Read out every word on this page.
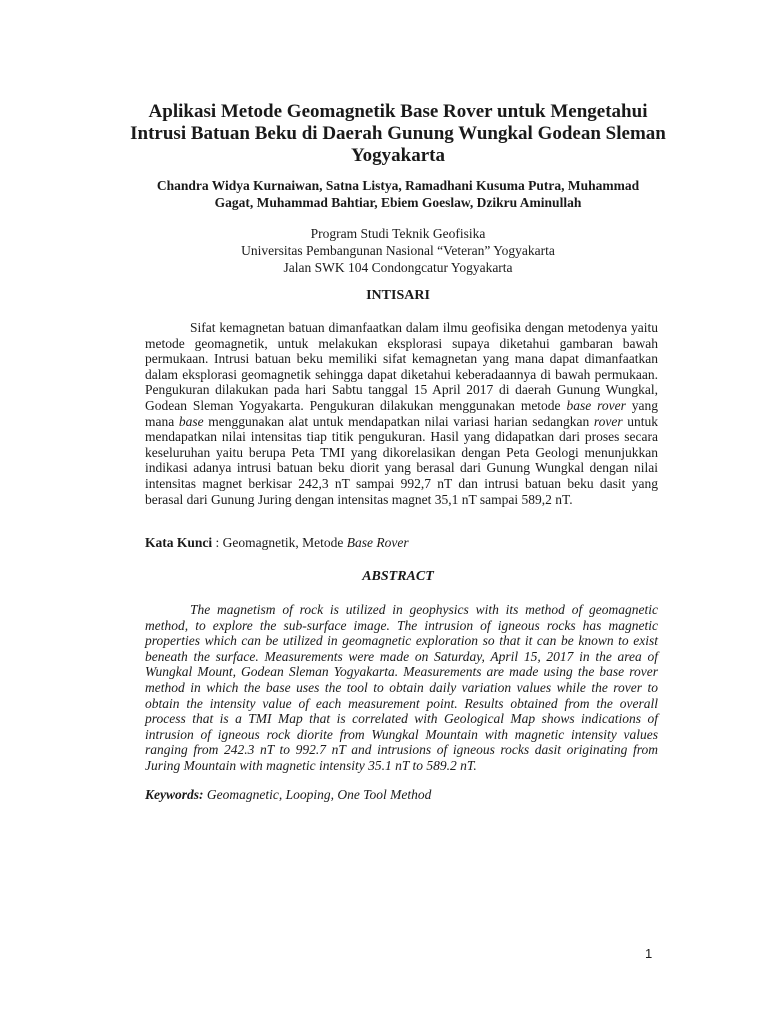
Aplikasi Metode Geomagnetik Base Rover untuk Mengetahui
Intrusi Batuan Beku di Daerah Gunung Wungkal Godean Sleman
Yogyakarta
Chandra Widya Kurnaiwan, Satna Listya, Ramadhani Kusuma Putra, Muhammad
Gagat, Muhammad Bahtiar, Ebiem Goeslaw, Dzikru Aminullah
Program Studi Teknik Geofisika
Universitas Pembangunan Nasional “Veteran” Yogyakarta
Jalan SWK 104 Condongcatur Yogyakarta
INTISARI
Sifat kemagnetan batuan dimanfaatkan dalam ilmu geofisika dengan metodenya yaitu metode geomagnetik, untuk melakukan eksplorasi supaya diketahui gambaran bawah permukaan. Intrusi batuan beku memiliki sifat kemagnetan yang mana dapat dimanfaatkan dalam eksplorasi geomagnetik sehingga dapat diketahui keberadaannya di bawah permukaan. Pengukuran dilakukan pada hari Sabtu tanggal 15 April 2017 di daerah Gunung Wungkal, Godean Sleman Yogyakarta. Pengukuran dilakukan menggunakan metode base rover yang mana base menggunakan alat untuk mendapatkan nilai variasi harian sedangkan rover untuk mendapatkan nilai intensitas tiap titik pengukuran. Hasil yang didapatkan dari proses secara keseluruhan yaitu berupa Peta TMI yang dikorelasikan dengan Peta Geologi menunjukkan indikasi adanya intrusi batuan beku diorit yang berasal dari Gunung Wungkal dengan nilai intensitas magnet berkisar 242,3 nT sampai 992,7 nT dan intrusi batuan beku dasit yang berasal dari Gunung Juring dengan intensitas magnet 35,1 nT sampai 589,2 nT.
Kata Kunci : Geomagnetik, Metode Base Rover
ABSTRACT
The magnetism of rock is utilized in geophysics with its method of geomagnetic method, to explore the sub-surface image. The intrusion of igneous rocks has magnetic properties which can be utilized in geomagnetic exploration so that it can be known to exist beneath the surface. Measurements were made on Saturday, April 15, 2017 in the area of Wungkal Mount, Godean Sleman Yogyakarta. Measurements are made using the base rover method in which the base uses the tool to obtain daily variation values while the rover to obtain the intensity value of each measurement point. Results obtained from the overall process that is a TMI Map that is correlated with Geological Map shows indications of intrusion of igneous rock diorite from Wungkal Mountain with magnetic intensity values ranging from 242.3 nT to 992.7 nT and intrusions of igneous rocks dasit originating from Juring Mountain with magnetic intensity 35.1 nT to 589.2 nT.
Keywords: Geomagnetic, Looping, One Tool Method
1
